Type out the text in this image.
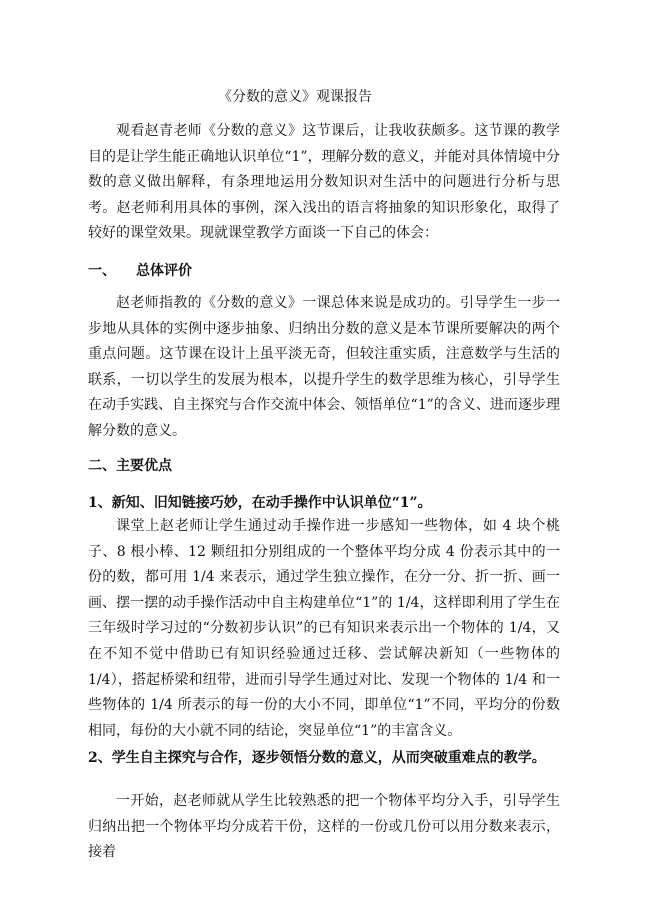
《分数的意义》观课报告

观看赵青老师《分数的意义》这节课后，让我收获颇多。这节课的教学目的是让学生能正确地认识单位“1”，理解分数的意义，并能对具体情境中分数的意义做出解释，有条理地运用分数知识对生活中的问题进行分析与思考。赵老师利用具体的事例，深入浅出的语言将抽象的知识形象化，取得了较好的课堂效果。现就课堂教学方面谈一下自己的体会：

一、 总体评价

赵老师指教的《分数的意义》一课总体来说是成功的。引导学生一步一步地从具体的实例中逐步抽象、归纳出分数的意义是本节课所要解决的两个重点问题。这节课在设计上虽平淡无奇，但较注重实质，注意数学与生活的联系，一切以学生的发展为根本，以提升学生的数学思维为核心，引导学生在动手实践、自主探究与合作交流中体会、领悟单位“1”的含义、进而逐步理解分数的意义。

二、主要优点
1、新知、旧知链接巧妙，在动手操作中认识单位“1”。

课堂上赵老师让学生通过动手操作进一步感知一些物体，如 4 块个桃子、8 根小棒、12 颗纽扣分别组成的一个整体平均分成 4 份表示其中的一份的数，都可用 1/4 来表示，通过学生独立操作，在分一分、折一折、画一画、摆一摆的动手操作活动中自主构建单位“1”的 1/4，这样即利用了学生在三年级时学习过的“分数初步认识”的已有知识来表示出一个物体的 1/4，又在不知不觉中借助已有知识经验通过迁移、尝试解决新知（一些物体的 1/4），搭起桥梁和纽带，进而引导学生通过对比、发现一个物体的 1/4 和一些物体的 1/4 所表示的每一份的大小不同，即单位“1”不同，平均分的份数相同，每份的大小就不同的结论，突显单位“1”的丰富含义。

2、学生自主探究与合作，逐步领悟分数的意义，从而突破重难点的教学。

一开始，赵老师就从学生比较熟悉的把一个物体平均分入手，引导学生归纳出把一个物体平均分成若干份，这样的一份或几份可以用分数来表示，接着
